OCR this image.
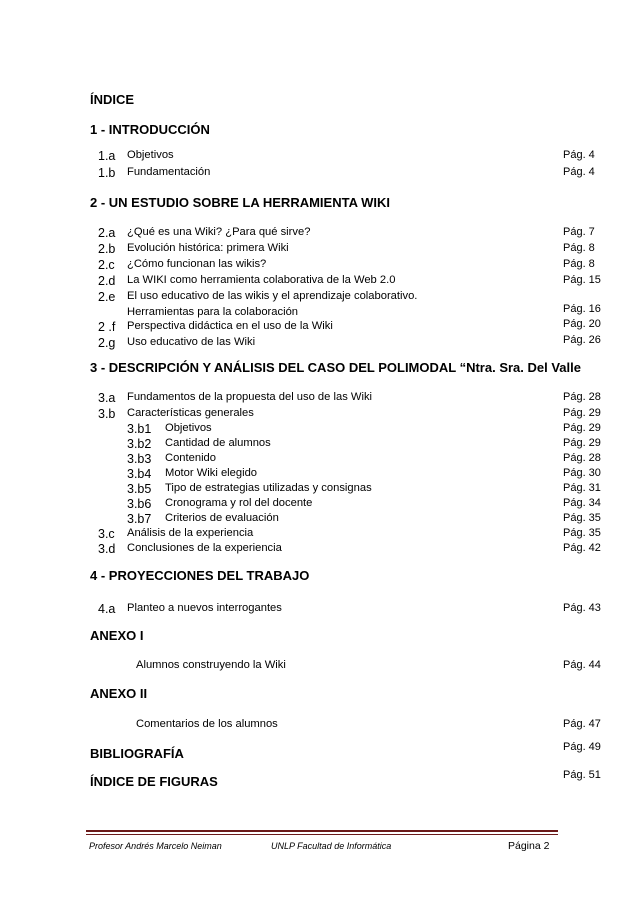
ÍNDICE
1 - INTRODUCCIÓN
1.a Objetivos	Pág. 4
1.b Fundamentación	Pág. 4
2 - UN ESTUDIO SOBRE LA HERRAMIENTA WIKI
2.a ¿Qué es una Wiki? ¿Para qué sirve?	Pág. 7
2.b Evolución histórica: primera Wiki	Pág. 8
2.c ¿Cómo funcionan las wikis?	Pág. 8
2.d La WIKI como herramienta colaborativa de la Web 2.0	Pág. 15
2.e El uso educativo de las wikis y el aprendizaje colaborativo.
Herramientas para la colaboración	Pág. 16
2 .f Perspectiva didáctica en el uso de la Wiki	Pág. 20
2.g Uso educativo de las Wiki	Pág. 26
3 - DESCRIPCIÓN Y ANÁLISIS DEL CASO DEL POLIMODAL “Ntra. Sra. Del Valle
3.a Fundamentos de la propuesta del uso de las Wiki	Pág. 28
3.b Características generales	Pág. 29
3.b1 Objetivos	Pág. 29
3.b2 Cantidad de alumnos	Pág. 29
3.b3 Contenido	Pág. 28
3.b4 Motor Wiki elegido	Pág. 30
3.b5 Tipo de estrategias utilizadas y consignas	Pág. 31
3.b6 Cronograma y rol del docente	Pág. 34
3.b7 Criterios de evaluación	Pág. 35
3.c Análisis de la experiencia	Pág. 35
3.d Conclusiones de la experiencia	Pág. 42
4 - PROYECCIONES DEL TRABAJO
4.a Planteo a nuevos interrogantes	Pág. 43
ANEXO I
Alumnos construyendo la Wiki	Pág. 44
ANEXO II
Comentarios de los alumnos	Pág. 47
BIBLIOGRAFÍA	Pág. 49
ÍNDICE DE FIGURAS	Pág. 51
Profesor Andrés Marcelo Neiman	UNLP Facultad de Informática	Página 2
